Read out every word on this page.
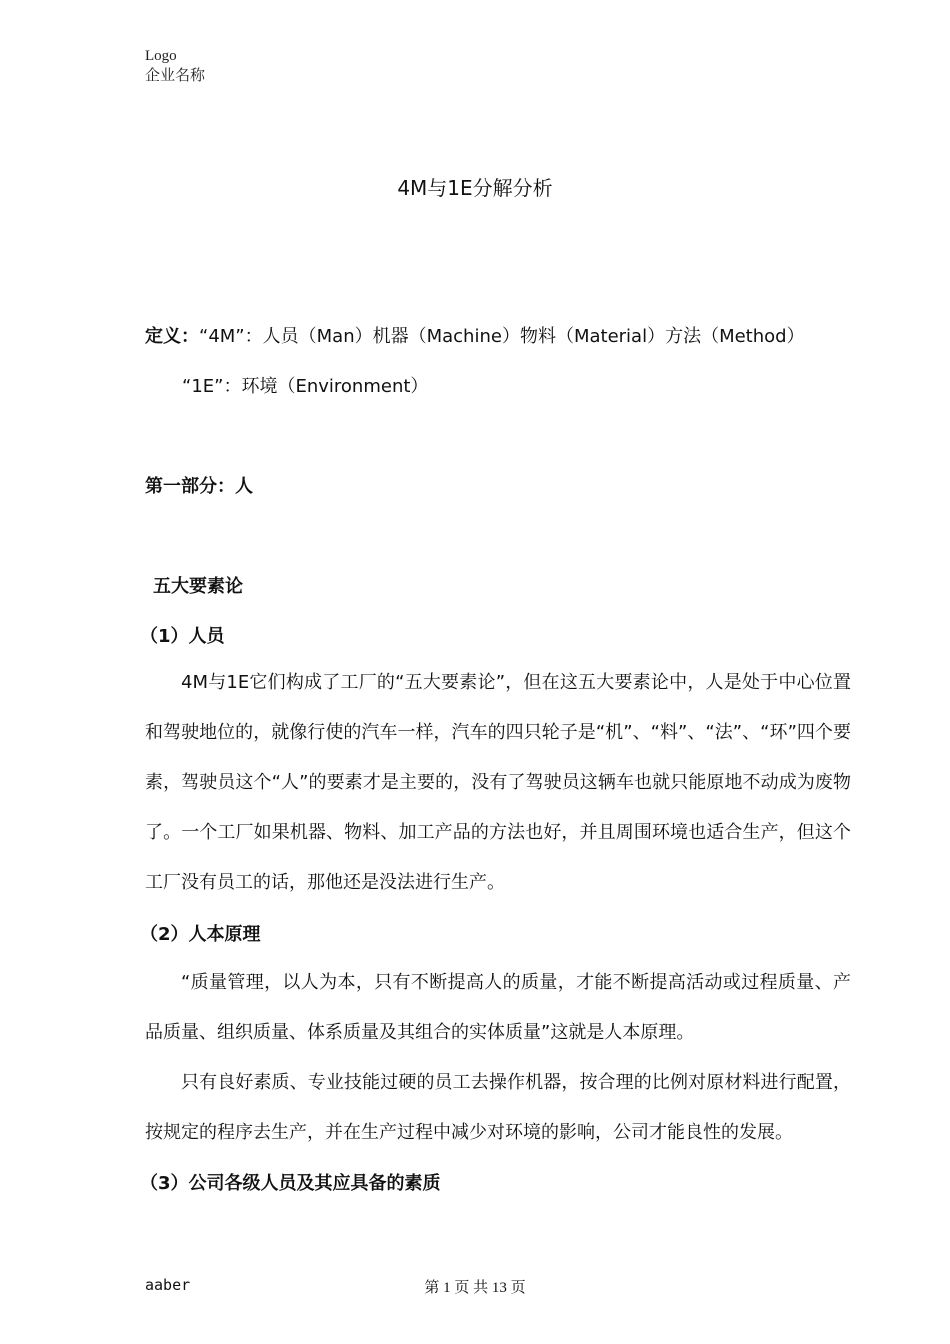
Logo
企业名称
4M与1E分解分析
定义：“4M”：人员（Man）机器（Machine）物料（Material）方法（Method）
“1E”：环境（Environment）
第一部分：人
五大要素论
（1）人员
4M与1E它们构成了工厂的“五大要素论”，但在这五大要素论中，人是处于中心位置和驾驶地位的，就像行使的汽车一样，汽车的四只轮子是“机”、“料”、“法”、“环”四个要素，驾驶员这个“人”的要素才是主要的，没有了驾驶员这辆车也就只能原地不动成为废物了。一个工厂如果机器、物料、加工产品的方法也好，并且周围环境也适合生产，但这个工厂没有员工的话，那他还是没法进行生产。
（2）人本原理
“质量管理，以人为本，只有不断提高人的质量，才能不断提高活动或过程质量、产品质量、组织质量、体系质量及其组合的实体质量”这就是人本原理。
只有良好素质、专业技能过硬的员工去操作机器，按合理的比例对原材料进行配置，按规定的程序去生产，并在生产过程中减少对环境的影响，公司才能良性的发展。
（3）公司各级人员及其应具备的素质
aaber	第 1 页 共 13 页
